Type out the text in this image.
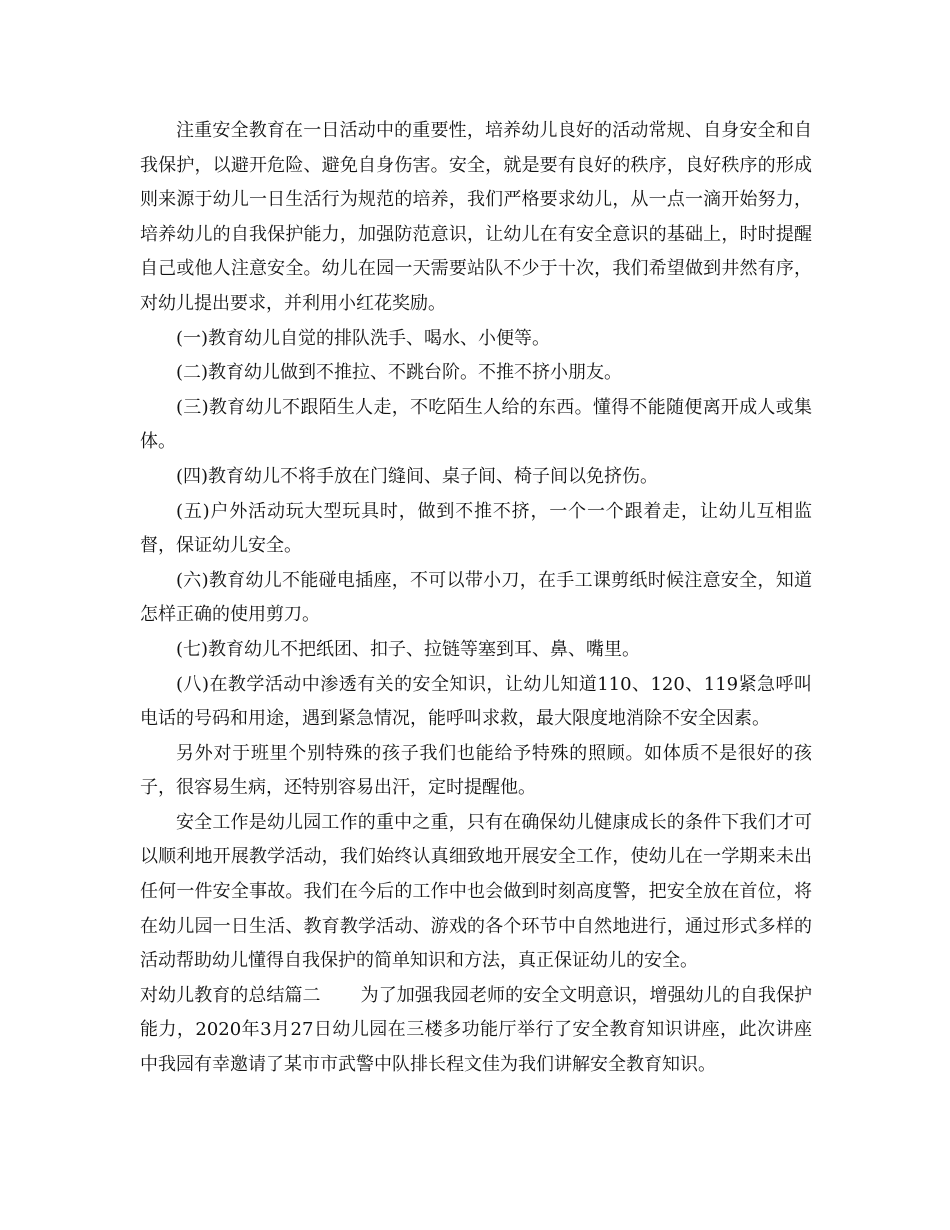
注重安全教育在一日活动中的重要性，培养幼儿良好的活动常规、自身安全和自我保护，以避开危险、避免自身伤害。安全，就是要有良好的秩序，良好秩序的形成则来源于幼儿一日生活行为规范的培养，我们严格要求幼儿，从一点一滴开始努力，培养幼儿的自我保护能力，加强防范意识，让幼儿在有安全意识的基础上，时时提醒自己或他人注意安全。幼儿在园一天需要站队不少于十次，我们希望做到井然有序，对幼儿提出要求，并利用小红花奖励。

(一)教育幼儿自觉的排队洗手、喝水、小便等。

(二)教育幼儿做到不推拉、不跳台阶。不推不挤小朋友。

(三)教育幼儿不跟陌生人走，不吃陌生人给的东西。懂得不能随便离开成人或集体。

(四)教育幼儿不将手放在门缝间、桌子间、椅子间以免挤伤。

(五)户外活动玩大型玩具时，做到不推不挤，一个一个跟着走，让幼儿互相监督，保证幼儿安全。

(六)教育幼儿不能碰电插座，不可以带小刀，在手工课剪纸时候注意安全，知道怎样正确的使用剪刀。

(七)教育幼儿不把纸团、扣子、拉链等塞到耳、鼻、嘴里。

(八)在教学活动中渗透有关的安全知识，让幼儿知道110、120、119紧急呼叫电话的号码和用途，遇到紧急情况，能呼叫求救，最大限度地消除不安全因素。

另外对于班里个别特殊的孩子我们也能给予特殊的照顾。如体质不是很好的孩子，很容易生病，还特别容易出汗，定时提醒他。

安全工作是幼儿园工作的重中之重，只有在确保幼儿健康成长的条件下我们才可以顺利地开展教学活动，我们始终认真细致地开展安全工作，使幼儿在一学期来未出任何一件安全事故。我们在今后的工作中也会做到时刻高度警，把安全放在首位，将在幼儿园一日生活、教育教学活动、游戏的各个环节中自然地进行，通过形式多样的活动帮助幼儿懂得自我保护的简单知识和方法，真正保证幼儿的安全。

对幼儿教育的总结篇二 为了加强我园老师的安全文明意识，增强幼儿的自我保护能力，2020年3月27日幼儿园在三楼多功能厅举行了安全教育知识讲座，此次讲座中我园有幸邀请了某市市武警中队排长程文佳为我们讲解安全教育知识。
